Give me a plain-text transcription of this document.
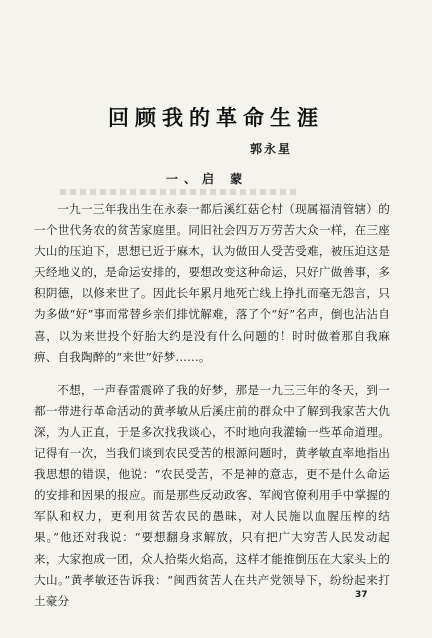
回顾我的革命生涯
郭永星
一、启 蒙

一九一三年我出生在永泰一都后溪红菇仑村（现属福清管辖）的一个世代务农的贫苦家庭里。同旧社会四万万劳苦大众一样，在三座大山的压迫下，思想已近于麻木，认为做田人受苦受难，被压迫这是天经地义的，是命运安排的，要想改变这种命运，只好广做善事，多积阴德，以修来世了。因此长年累月地死亡线上挣扎而毫无怨言，只为多做“好”事而常替乡亲们排忧解难，落了个“好”名声，倒也沾沾自喜，以为来世投个好胎大约是没有什么问题的！时时做着那自我麻痹、自我陶醉的“来世”好梦……。

不想，一声春雷震碎了我的好梦，那是一九三三年的冬天，到一都一带进行革命活动的黄孝敏从后溪庄前的群众中了解到我家苦大仇深，为人正直，于是多次找我谈心，不时地向我灌输一些革命道理。记得有一次，当我们谈到农民受苦的根源问题时，黄孝敏直率地指出我思想的错误，他说：“农民受苦，不是神的意志，更不是什么命运的安排和因果的报应。而是那些反动政客、军阀官僚利用手中掌握的军队和权力，更利用贫苦农民的愚昧，对人民施以血腥压榨的结果。”他还对我说：“要想翻身求解放，只有把广大穷苦人民发动起来，大家抱成一团，众人拾柴火焰高，这样才能推倒压在大家头上的大山。”黄孝敏还告诉我：“闽西贫苦人在共产党领导下，纷纷起来打土豪分	37
